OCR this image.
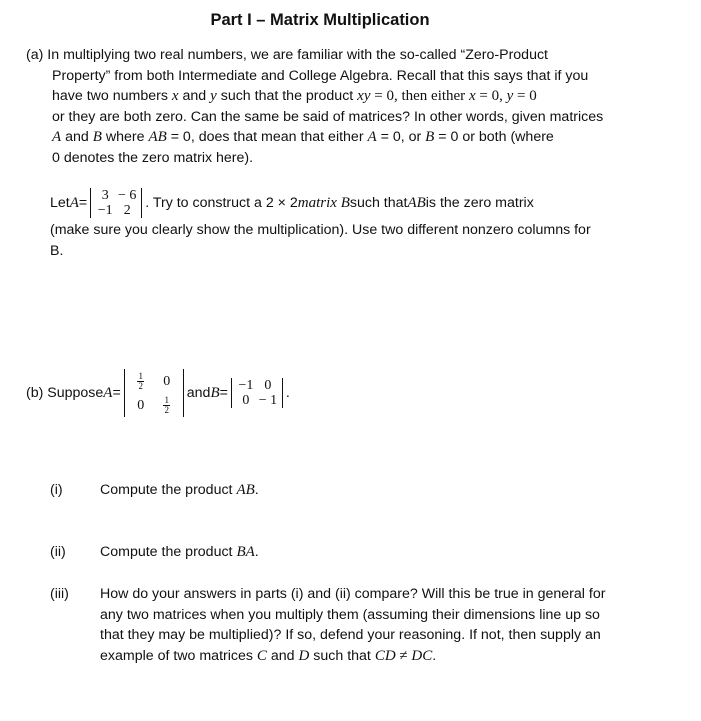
Part I – Matrix Multiplication
(a) In multiplying two real numbers, we are familiar with the so-called “Zero-Product
Property” from both Intermediate and College Algebra. Recall that this says that if you
have two numbers x and y such that the product xy = 0, then either x = 0, y = 0
or they are both zero. Can the same be said of matrices? In other words, given matrices
A and B where AB = 0, does that mean that either A = 0, or B = 0 or both (where
0 denotes the zero matrix here).
Let A =	3 − 6
−1 2	. Try to construct a 2 × 2 matrix B such that AB is the zero matrix
(make sure you clearly show the multiplication). Use two different nonzero columns for
B.
(b) Suppose A =
$\frac{1}{2}$	0
0	$\frac{1}{2}$
and B = −1 0
0 − 1 .
(i)	Compute the product AB.
(ii)	Compute the product BA.
(iii)	How do your answers in parts (i) and (ii) compare? Will this be true in general for
any two matrices when you multiply them (assuming their dimensions line up so
that they may be multiplied)? If so, defend your reasoning. If not, then supply an
example of two matrices C and D such that CD ≠ DC.
